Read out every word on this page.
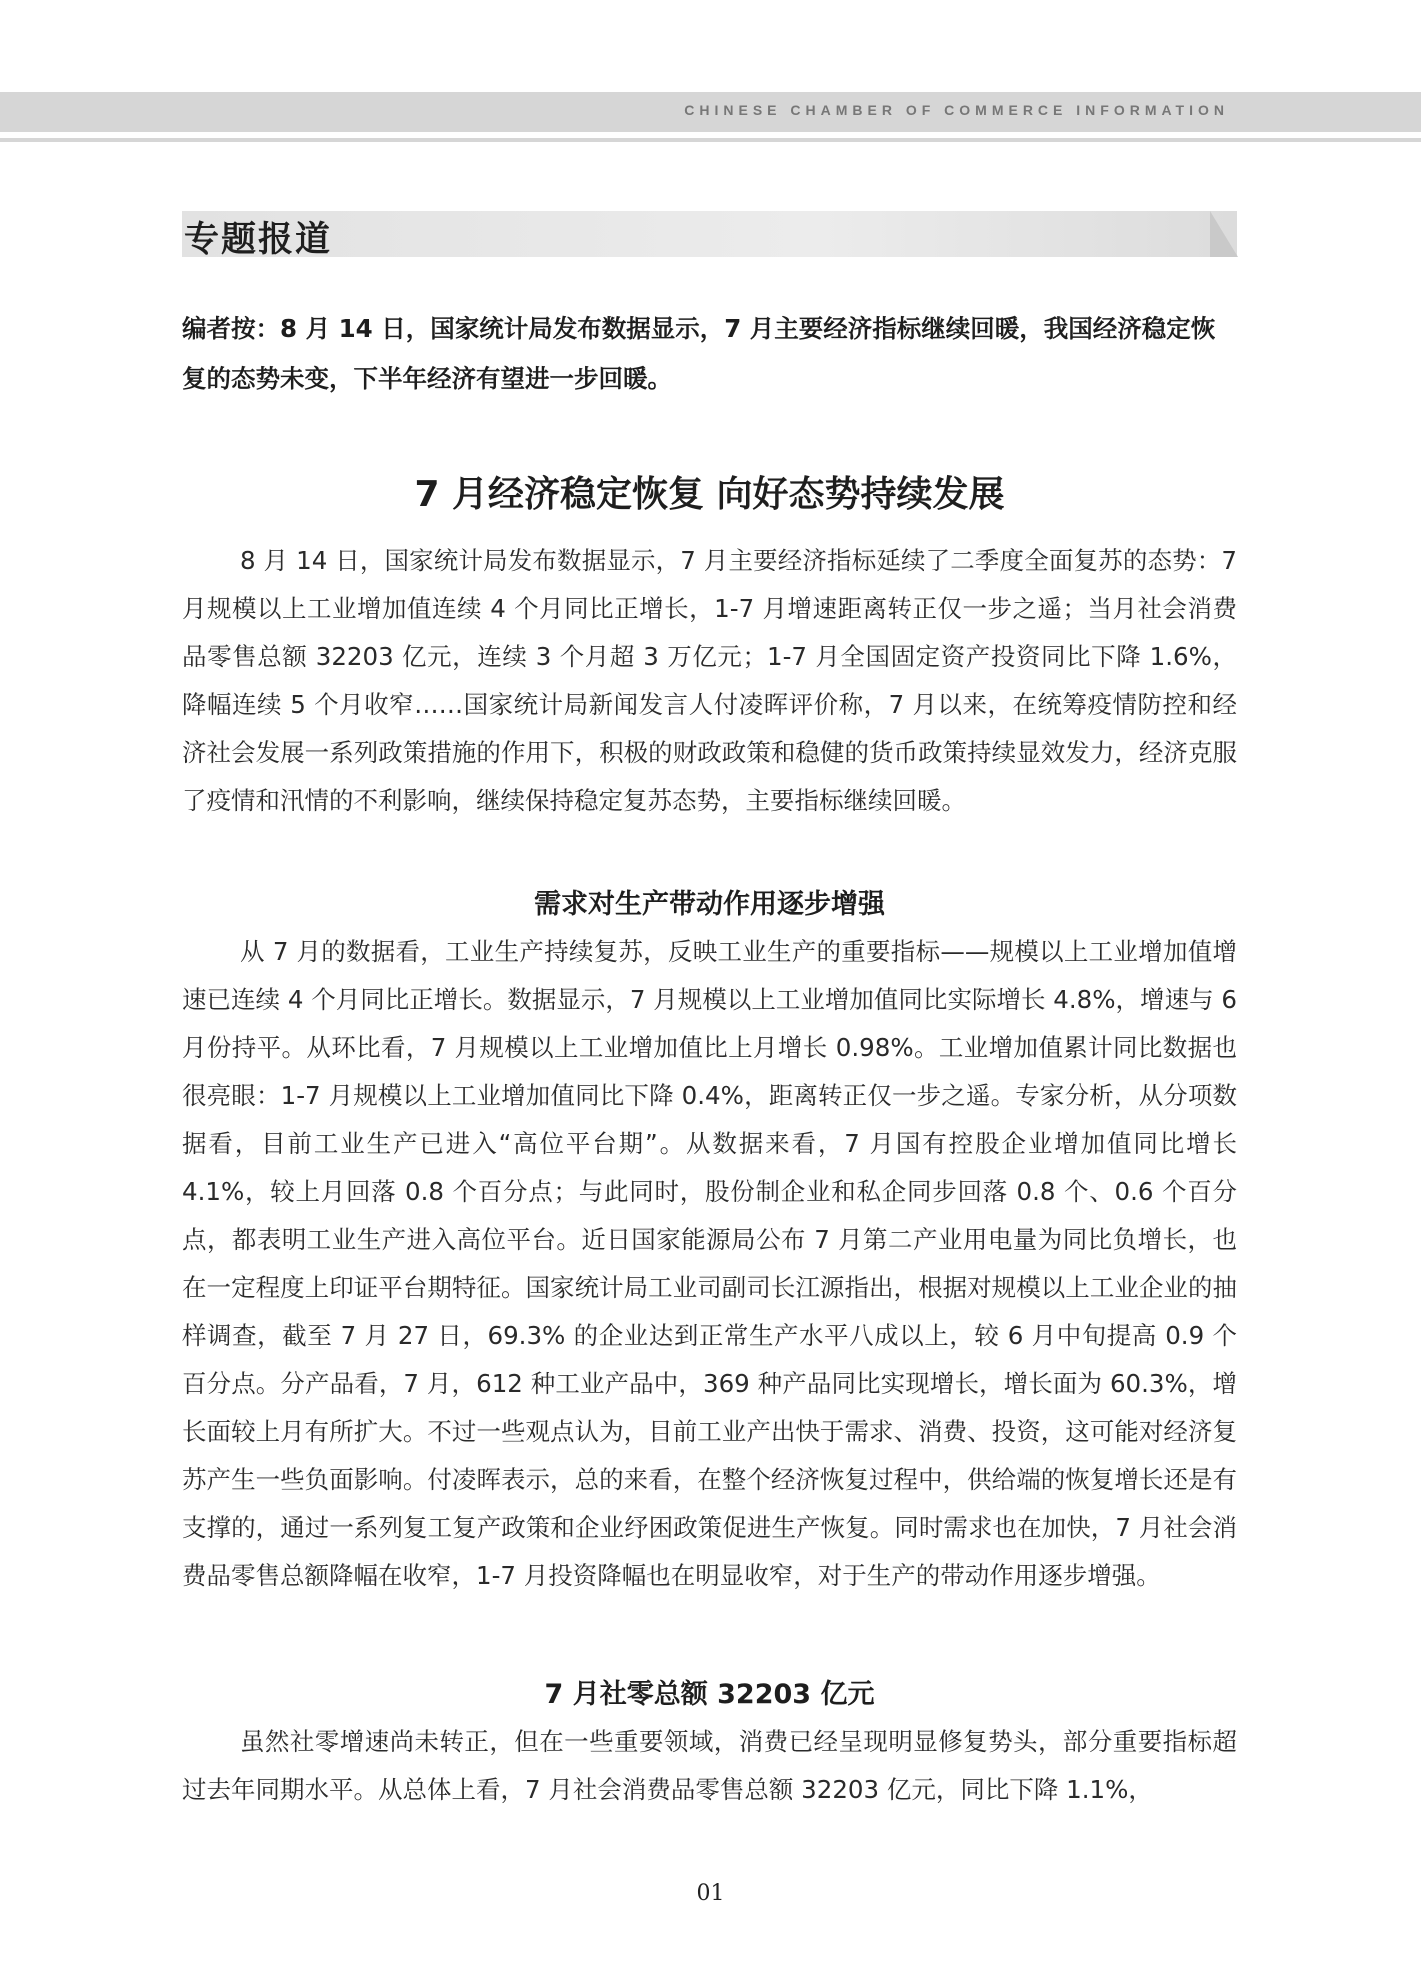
CHINESE CHAMBER OF COMMERCE INFORMATION
专题报道
编者按：8 月 14 日，国家统计局发布数据显示，7 月主要经济指标继续回暖，我国经济稳定恢复的态势未变，下半年经济有望进一步回暖。
7 月经济稳定恢复 向好态势持续发展

8 月 14 日，国家统计局发布数据显示，7 月主要经济指标延续了二季度全面复苏的态势：7 月规模以上工业增加值连续 4 个月同比正增长，1-7 月增速距离转正仅一步之遥；当月社会消费品零售总额 32203 亿元，连续 3 个月超 3 万亿元；1-7 月全国固定资产投资同比下降 1.6%，降幅连续 5 个月收窄……国家统计局新闻发言人付凌晖评价称，7 月以来，在统筹疫情防控和经济社会发展一系列政策措施的作用下，积极的财政政策和稳健的货币政策持续显效发力，经济克服了疫情和汛情的不利影响，继续保持稳定复苏态势，主要指标继续回暖。

需求对生产带动作用逐步增强

从 7 月的数据看，工业生产持续复苏，反映工业生产的重要指标——规模以上工业增加值增速已连续 4 个月同比正增长。数据显示，7 月规模以上工业增加值同比实际增长 4.8%，增速与 6 月份持平。从环比看，7 月规模以上工业增加值比上月增长 0.98%。工业增加值累计同比数据也很亮眼：1-7 月规模以上工业增加值同比下降 0.4%，距离转正仅一步之遥。专家分析，从分项数据看，目前工业生产已进入“高位平台期”。从数据来看，7 月国有控股企业增加值同比增长 4.1%，较上月回落 0.8 个百分点；与此同时，股份制企业和私企同步回落 0.8 个、0.6 个百分点，都表明工业生产进入高位平台。近日国家能源局公布 7 月第二产业用电量为同比负增长，也在一定程度上印证平台期特征。国家统计局工业司副司长江源指出，根据对规模以上工业企业的抽样调查，截至 7 月 27 日，69.3% 的企业达到正常生产水平八成以上，较 6 月中旬提高 0.9 个百分点。分产品看，7 月，612 种工业产品中，369 种产品同比实现增长，增长面为 60.3%，增长面较上月有所扩大。不过一些观点认为，目前工业产出快于需求、消费、投资，这可能对经济复苏产生一些负面影响。付凌晖表示，总的来看，在整个经济恢复过程中，供给端的恢复增长还是有支撑的，通过一系列复工复产政策和企业纾困政策促进生产恢复。同时需求也在加快，7 月社会消费品零售总额降幅在收窄，1-7 月投资降幅也在明显收窄，对于生产的带动作用逐步增强。

7 月社零总额 32203 亿元

虽然社零增速尚未转正，但在一些重要领域，消费已经呈现明显修复势头，部分重要指标超过去年同期水平。从总体上看，7 月社会消费品零售总额 32203 亿元，同比下降 1.1%，

01
